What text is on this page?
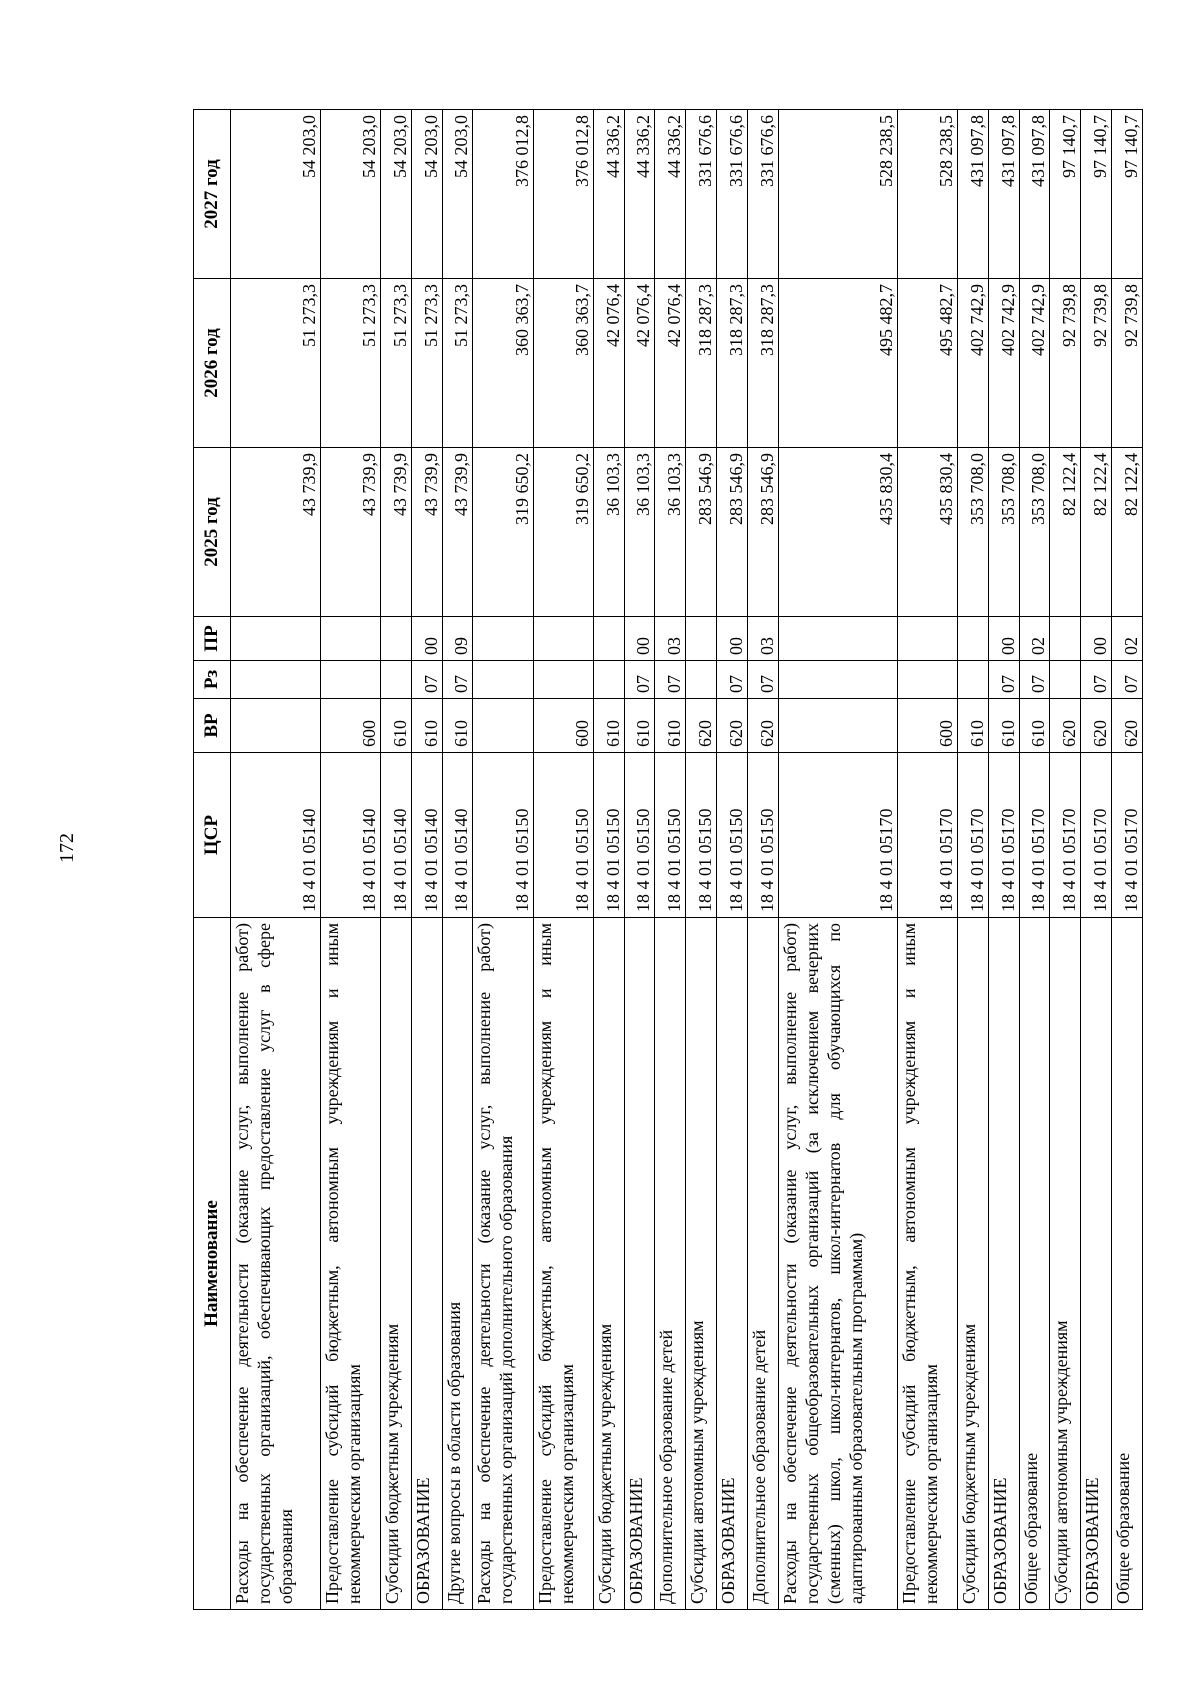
172
Наименование	ЦСР	ВР	Рз	ПР	2025 год	2026 год	2027 год
Расходы на обеспечение деятельности (оказание услуг, выполнение работ) государственных организаций, обеспечивающих предоставление услуг в сфере образования	18 4 01 05140				43 739,9	51 273,3	54 203,0
Предоставление субсидий бюджетным, автономным учреждениям и иным некоммерческим организациям	18 4 01 05140	600			43 739,9	51 273,3	54 203,0
Субсидии бюджетным учреждениям	18 4 01 05140	610			43 739,9	51 273,3	54 203,0
ОБРАЗОВАНИЕ	18 4 01 05140	610	07	00	43 739,9	51 273,3	54 203,0
Другие вопросы в области образования	18 4 01 05140	610	07	09	43 739,9	51 273,3	54 203,0
Расходы на обеспечение деятельности (оказание услуг, выполнение работ) государственных организаций дополнительного образования	18 4 01 05150				319 650,2	360 363,7	376 012,8
Предоставление субсидий бюджетным, автономным учреждениям и иным некоммерческим организациям	18 4 01 05150	600			319 650,2	360 363,7	376 012,8
Субсидии бюджетным учреждениям	18 4 01 05150	610			36 103,3	42 076,4	44 336,2
ОБРАЗОВАНИЕ	18 4 01 05150	610	07	00	36 103,3	42 076,4	44 336,2
Дополнительное образование детей	18 4 01 05150	610	07	03	36 103,3	42 076,4	44 336,2
Субсидии автономным учреждениям	18 4 01 05150	620			283 546,9	318 287,3	331 676,6
ОБРАЗОВАНИЕ	18 4 01 05150	620	07	00	283 546,9	318 287,3	331 676,6
Дополнительное образование детей	18 4 01 05150	620	07	03	283 546,9	318 287,3	331 676,6
Расходы на обеспечение деятельности (оказание услуг, выполнение работ) государственных общеобразовательных организаций (за исключением вечерних (сменных) школ, школ-интернатов, школ-интернатов для обучающихся по адаптированным образовательным программам)	18 4 01 05170				435 830,4	495 482,7	528 238,5
Предоставление субсидий бюджетным, автономным учреждениям и иным некоммерческим организациям	18 4 01 05170	600			435 830,4	495 482,7	528 238,5
Субсидии бюджетным учреждениям	18 4 01 05170	610			353 708,0	402 742,9	431 097,8
ОБРАЗОВАНИЕ	18 4 01 05170	610	07	00	353 708,0	402 742,9	431 097,8
Общее образование	18 4 01 05170	610	07	02	353 708,0	402 742,9	431 097,8
Субсидии автономным учреждениям	18 4 01 05170	620			82 122,4	92 739,8	97 140,7
ОБРАЗОВАНИЕ	18 4 01 05170	620	07	00	82 122,4	92 739,8	97 140,7
Общее образование	18 4 01 05170	620	07	02	82 122,4	92 739,8	97 140,7
